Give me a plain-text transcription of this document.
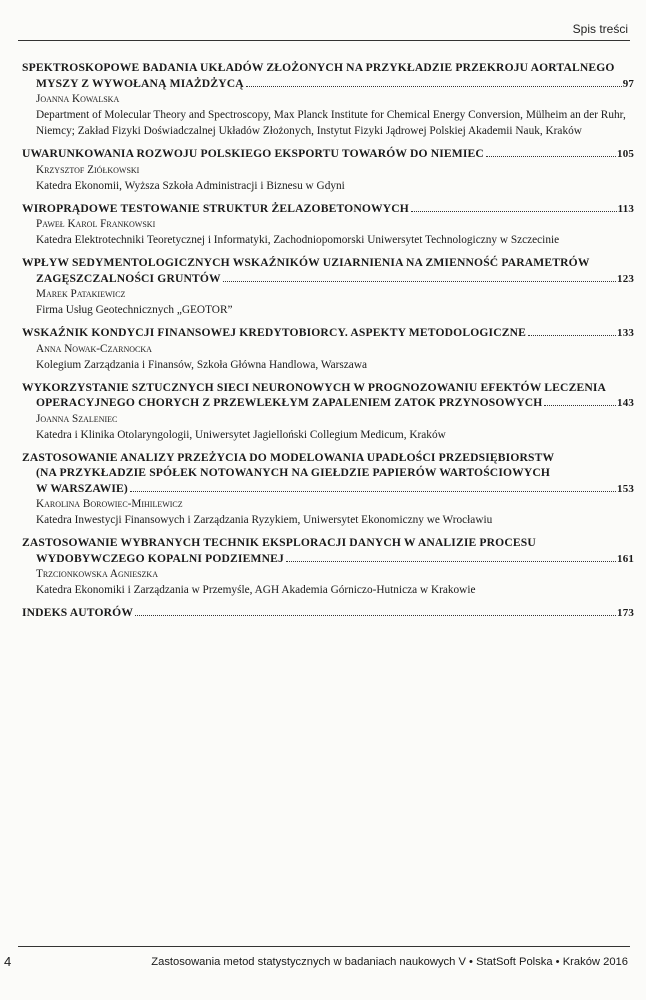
Spis treści
SPEKTROSKOPOWE BADANIA UKŁADÓW ZŁOŻONYCH NA PRZYKŁADZIE PRZEKROJU AORTALNEGO
MYSZY Z WYWOŁANĄ MIAŻDŻYCĄ	97
Joanna Kowalska
Department of Molecular Theory and Spectroscopy, Max Planck Institute for Chemical Energy Conversion, Mülheim an der Ruhr, Niemcy; Zakład Fizyki Doświadczalnej Układów Złożonych, Instytut Fizyki Jądrowej Polskiej Akademii Nauk, Kraków
UWARUNKOWANIA ROZWOJU POLSKIEGO EKSPORTU TOWARÓW DO NIEMIEC	105
Krzysztof Ziółkowski
Katedra Ekonomii, Wyższa Szkoła Administracji i Biznesu w Gdyni
WIROPRĄDOWE TESTOWANIE STRUKTUR ŻELAZOBETONOWYCH	113
Paweł Karol Frankowski
Katedra Elektrotechniki Teoretycznej i Informatyki, Zachodniopomorski Uniwersytet Technologiczny w Szczecinie
WPŁYW SEDYMENTOLOGICZNYCH WSKAŹNIKÓW UZIARNIENIA NA ZMIENNOŚĆ PARAMETRÓW
ZAGĘSZCZALNOŚCI GRUNTÓW	123
Marek Patakiewicz
Firma Usług Geotechnicznych „GEOTOR”
WSKAŹNIK KONDYCJI FINANSOWEJ KREDYTOBIORCY. ASPEKTY METODOLOGICZNE	133
Anna Nowak-Czarnocka
Kolegium Zarządzania i Finansów, Szkoła Główna Handlowa, Warszawa
WYKORZYSTANIE SZTUCZNYCH SIECI NEURONOWYCH W PROGNOZOWANIU EFEKTÓW LECZENIA
OPERACYJNEGO CHORYCH Z PRZEWLEKŁYM ZAPALENIEM ZATOK PRZYNOSOWYCH	143
Joanna Szaleniec
Katedra i Klinika Otolaryngologii, Uniwersytet Jagielloński Collegium Medicum, Kraków
ZASTOSOWANIE ANALIZY PRZEŻYCIA DO MODELOWANIA UPADŁOŚCI PRZEDSIĘBIORSTW
(NA PRZYKŁADZIE SPÓŁEK NOTOWANYCH NA GIEŁDZIE PAPIERÓW WARTOŚCIOWYCH
W WARSZAWIE)	153
Karolina Borowiec-Mihilewicz
Katedra Inwestycji Finansowych i Zarządzania Ryzykiem, Uniwersytet Ekonomiczny we Wrocławiu
ZASTOSOWANIE WYBRANYCH TECHNIK EKSPLORACJI DANYCH W ANALIZIE PROCESU
WYDOBYWCZEGO KOPALNI PODZIEMNEJ	161
Trzcionkowska Agnieszka
Katedra Ekonomiki i Zarządzania w Przemyśle, AGH Akademia Górniczo-Hutnicza w Krakowie
INDEKS AUTORÓW	173
4	Zastosowania metod statystycznych w badaniach naukowych V • StatSoft Polska • Kraków 2016
